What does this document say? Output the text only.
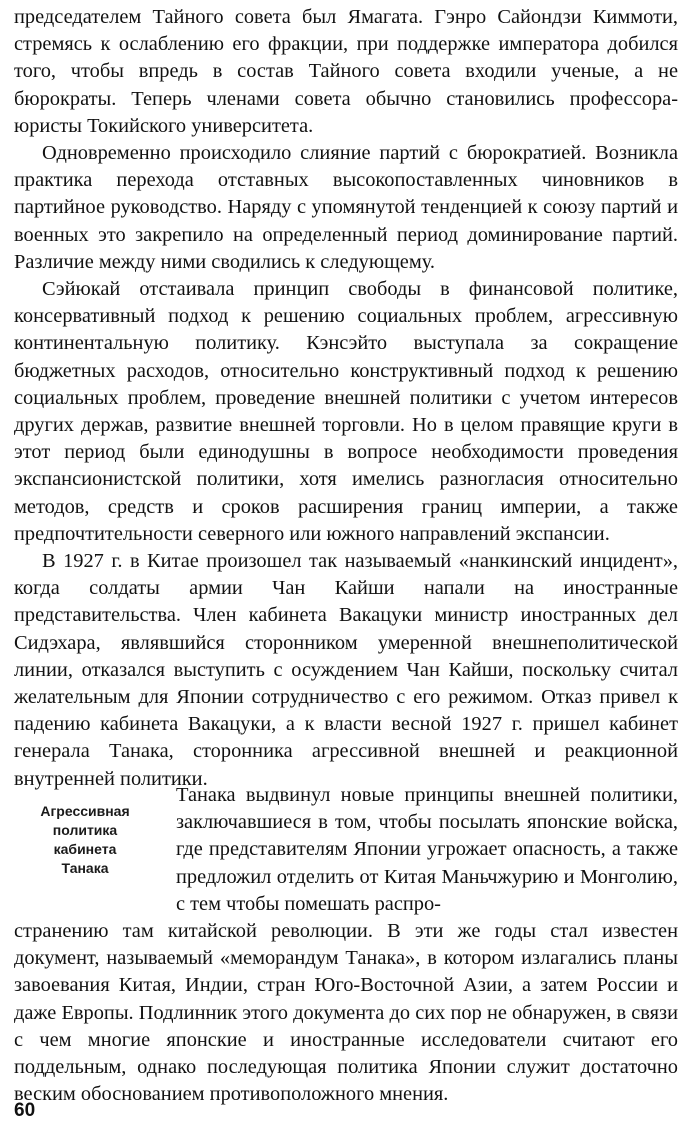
председателем Тайного совета был Ямагата. Гэнро Сайондзи Киммоти, стремясь к ослаблению его фракции, при поддержке императора добился того, чтобы впредь в состав Тайного совета входили ученые, а не бюрократы. Теперь членами совета обычно становились профессора-юристы Токийского университета.

Одновременно происходило слияние партий с бюрократией. Возникла практика перехода отставных высокопоставленных чиновников в партийное руководство. Наряду с упомянутой тенденцией к союзу партий и военных это закрепило на определенный период доминирование партий. Различие между ними сводились к следующему.

Сэйюкай отстаивала принцип свободы в финансовой политике, консервативный подход к решению социальных проблем, агрессивную континентальную политику. Кэнсэйто выступала за сокращение бюджетных расходов, относительно конструктивный подход к решению социальных проблем, проведение внешней политики с учетом интересов других держав, развитие внешней торговли. Но в целом правящие круги в этот период были единодушны в вопросе необходимости проведения экспансионистской политики, хотя имелись разногласия относительно методов, средств и сроков расширения границ империи, а также предпочтительности северного или южного направлений экспансии.

В 1927 г. в Китае произошел так называемый «нанкинский инцидент», когда солдаты армии Чан Кайши напали на иностранные представительства. Член кабинета Вакацуки министр иностранных дел Сидэхара, являвшийся сторонником умеренной внешнеполитической линии, отказался выступить с осуждением Чан Кайши, поскольку считал желательным для Японии сотрудничество с его режимом. Отказ привел к падению кабинета Вакацуки, а к власти весной 1927 г. пришел кабинет генерала Танака, сторонника агрессивной внешней и реакционной внутренней политики.

Агрессивная
политика
кабинета
Танака

Танака выдвинул новые принципы внешней политики, заключавшиеся в том, чтобы посылать японские войска, где представителям Японии угрожает опасность, а также предложил отделить от Китая Маньчжурию и Монголию, с тем чтобы помешать распро-

странению там китайской революции. В эти же годы стал известен документ, называемый «меморандум Танака», в котором излагались планы завоевания Китая, Индии, стран Юго-Восточной Азии, а затем России и даже Европы. Подлинник этого документа до сих пор не обнаружен, в связи с чем многие японские и иностранные исследователи считают его поддельным, однако последующая политика Японии служит достаточно веским обоснованием противоположного мнения.

60
